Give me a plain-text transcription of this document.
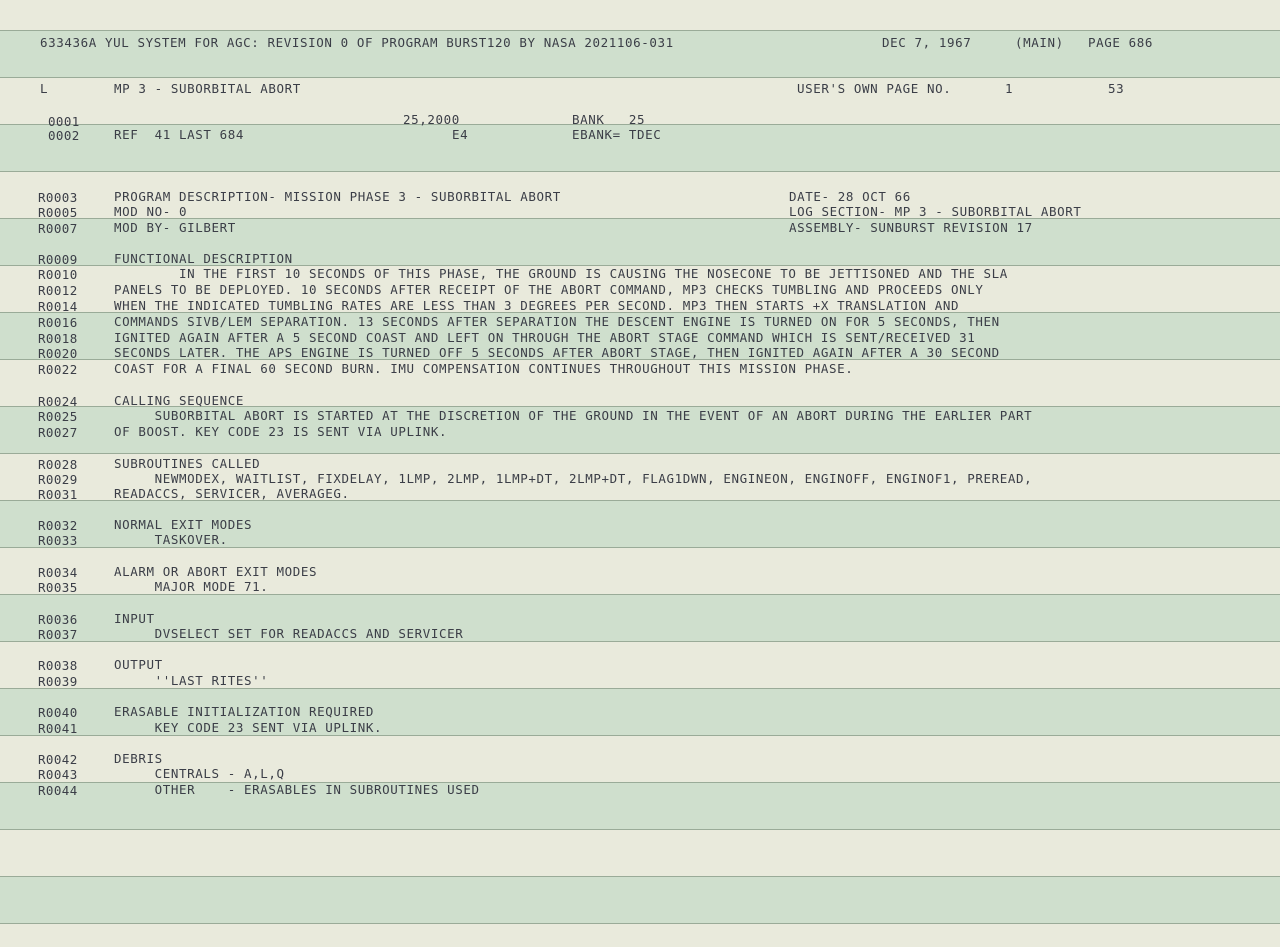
633436A YUL SYSTEM FOR AGC: REVISION 0 OF PROGRAM BURST120 BY NASA 2021106-031	DEC 7, 1967	(MAIN) PAGE 686
L	MP 3 - SUBORBITAL ABORT	USER'S OWN PAGE NO.	1	53
0001	25,2000	BANK   25
0002	REF  41 LAST 684	E4	EBANK= TDEC
R0003	PROGRAM DESCRIPTION- MISSION PHASE 3 - SUBORBITAL ABORT	DATE- 28 OCT 66
R0005	MOD NO- 0	LOG SECTION- MP 3 - SUBORBITAL ABORT
R0007	MOD BY- GILBERT	ASSEMBLY- SUNBURST REVISION 17
R0009	FUNCTIONAL DESCRIPTION
R0010	IN THE FIRST 10 SECONDS OF THIS PHASE, THE GROUND IS CAUSING THE NOSECONE TO BE JETTISONED AND THE SLA
R0012	PANELS TO BE DEPLOYED. 10 SECONDS AFTER RECEIPT OF THE ABORT COMMAND, MP3 CHECKS TUMBLING AND PROCEEDS ONLY
R0014	WHEN THE INDICATED TUMBLING RATES ARE LESS THAN 3 DEGREES PER SECOND. MP3 THEN STARTS +X TRANSLATION AND
R0016	COMMANDS SIVB/LEM SEPARATION. 13 SECONDS AFTER SEPARATION THE DESCENT ENGINE IS TURNED ON FOR 5 SECONDS, THEN
R0018	IGNITED AGAIN AFTER A 5 SECOND COAST AND LEFT ON THROUGH THE ABORT STAGE COMMAND WHICH IS SENT/RECEIVED 31
R0020	SECONDS LATER. THE APS ENGINE IS TURNED OFF 5 SECONDS AFTER ABORT STAGE, THEN IGNITED AGAIN AFTER A 30 SECOND
R0022	COAST FOR A FINAL 60 SECOND BURN. IMU COMPENSATION CONTINUES THROUGHOUT THIS MISSION PHASE.
R0024	CALLING SEQUENCE
R0025	SUBORBITAL ABORT IS STARTED AT THE DISCRETION OF THE GROUND IN THE EVENT OF AN ABORT DURING THE EARLIER PART
R0027	OF BOOST. KEY CODE 23 IS SENT VIA UPLINK.
R0028	SUBROUTINES CALLED
R0029	NEWMODEX, WAITLIST, FIXDELAY, 1LMP, 2LMP, 1LMP+DT, 2LMP+DT, FLAG1DWN, ENGINEON, ENGINOFF, ENGINOF1, PREREAD,
R0031	READACCS, SERVICER, AVERAGEG.
R0032	NORMAL EXIT MODES
R0033	TASKOVER.
R0034	ALARM OR ABORT EXIT MODES
R0035	MAJOR MODE 71.
R0036	INPUT
R0037	DVSELECT SET FOR READACCS AND SERVICER
R0038	OUTPUT
R0039	''LAST RITES''
R0040	ERASABLE INITIALIZATION REQUIRED
R0041	KEY CODE 23 SENT VIA UPLINK.
R0042	DEBRIS
R0043	CENTRALS - A,L,Q
R0044	OTHER    - ERASABLES IN SUBROUTINES USED
